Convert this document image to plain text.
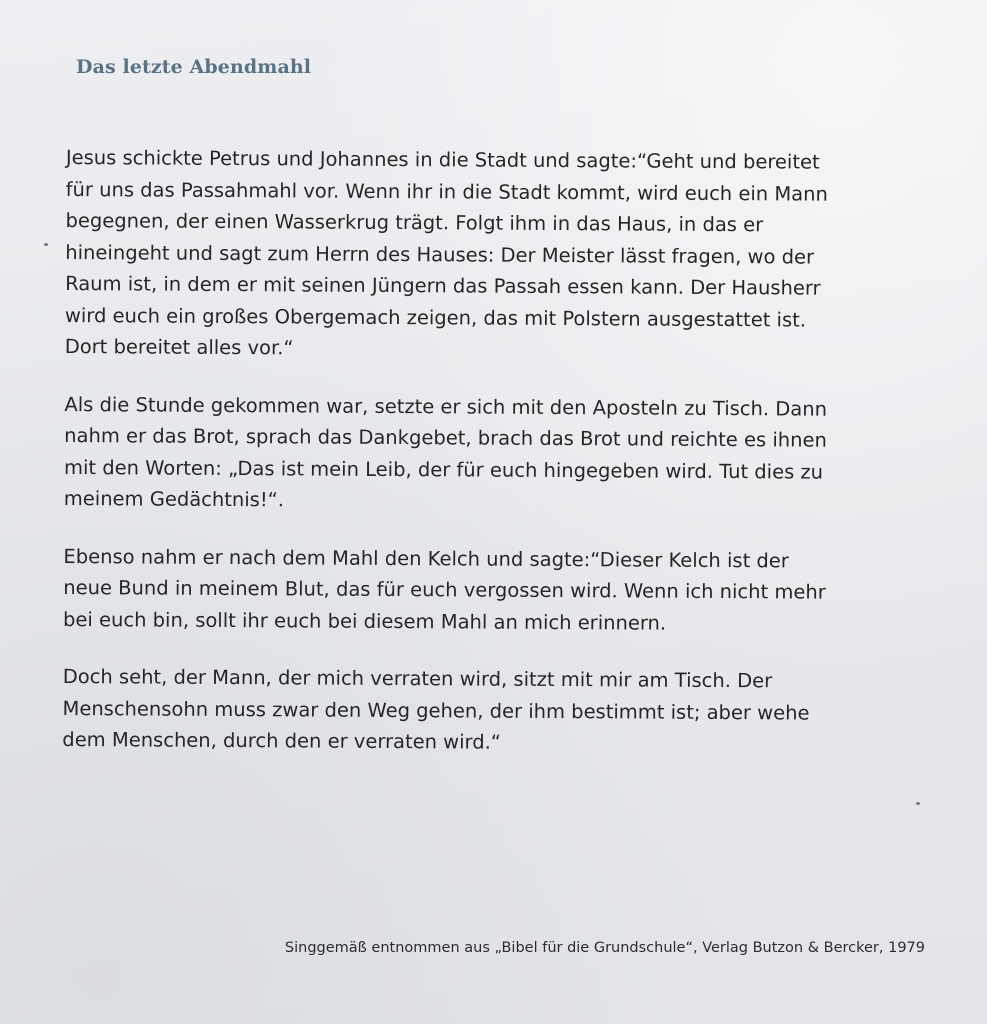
Das letzte Abendmahl

Jesus schickte Petrus und Johannes in die Stadt und sagte:“Geht und bereitet
für uns das Passahmahl vor. Wenn ihr in die Stadt kommt, wird euch ein Mann
begegnen, der einen Wasserkrug trägt. Folgt ihm in das Haus, in das er
hineingeht und sagt zum Herrn des Hauses: Der Meister lässt fragen, wo der
Raum ist, in dem er mit seinen Jüngern das Passah essen kann. Der Hausherr
wird euch ein großes Obergemach zeigen, das mit Polstern ausgestattet ist.
Dort bereitet alles vor.“

Als die Stunde gekommen war, setzte er sich mit den Aposteln zu Tisch. Dann
nahm er das Brot, sprach das Dankgebet, brach das Brot und reichte es ihnen
mit den Worten: „Das ist mein Leib, der für euch hingegeben wird. Tut dies zu
meinem Gedächtnis!“.

Ebenso nahm er nach dem Mahl den Kelch und sagte:“Dieser Kelch ist der
neue Bund in meinem Blut, das für euch vergossen wird. Wenn ich nicht mehr
bei euch bin, sollt ihr euch bei diesem Mahl an mich erinnern.

Doch seht, der Mann, der mich verraten wird, sitzt mit mir am Tisch. Der
Menschensohn muss zwar den Weg gehen, der ihm bestimmt ist; aber wehe
dem Menschen, durch den er verraten wird.“

Singgemäß entnommen aus „Bibel für die Grundschule“, Verlag Butzon & Bercker, 1979
